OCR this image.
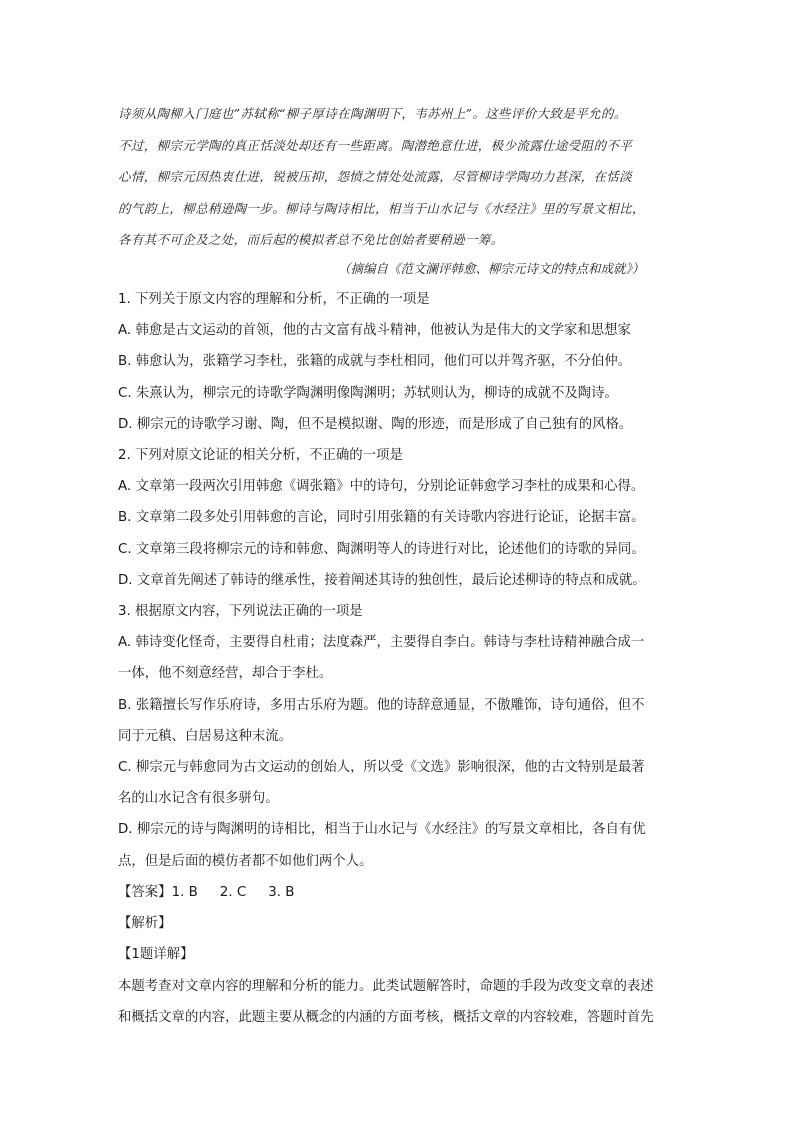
诗须从陶柳入门庭也”苏轼称“柳子厚诗在陶渊明下，韦苏州上”。这些评价大致是平允的。
不过，柳宗元学陶的真正恬淡处却还有一些距离。陶潜绝意仕进，极少流露仕途受阻的不平
心情，柳宗元因热衷仕进，锐被压抑，怨愤之情处处流露，尽管柳诗学陶功力甚深，在恬淡
的气韵上，柳总稍逊陶一步。柳诗与陶诗相比，相当于山水记与《水经注》里的写景文相比，
各有其不可企及之处，而后起的模拟者总不免比创始者要稍逊一筹。
（摘编自《范文澜评韩愈、柳宗元诗文的特点和成就》）
1. 下列关于原文内容的理解和分析，不正确的一项是
A. 韩愈是古文运动的首领，他的古文富有战斗精神，他被认为是伟大的文学家和思想家
B. 韩愈认为，张籍学习李杜，张籍的成就与李杜相同，他们可以并驾齐驱，不分伯仲。
C. 朱熹认为，柳宗元的诗歌学陶渊明像陶渊明；苏轼则认为，柳诗的成就不及陶诗。
D. 柳宗元的诗歌学习谢、陶，但不是模拟谢、陶的形迹，而是形成了自己独有的风格。
2. 下列对原文论证的相关分析，不正确的一项是
A. 文章第一段两次引用韩愈《调张籍》中的诗句，分别论证韩愈学习李杜的成果和心得。
B. 文章第二段多处引用韩愈的言论，同时引用张籍的有关诗歌内容进行论证，论据丰富。
C. 文章第三段将柳宗元的诗和韩愈、陶渊明等人的诗进行对比，论述他们的诗歌的异同。
D. 文章首先阐述了韩诗的继承性，接着阐述其诗的独创性，最后论述柳诗的特点和成就。
3. 根据原文内容，下列说法正确的一项是
A. 韩诗变化怪奇，主要得自杜甫；法度森严，主要得自李白。韩诗与李杜诗精神融合成一
一体，他不刻意经营，却合于李杜。
B. 张籍擅长写作乐府诗，多用古乐府为题。他的诗辞意通显，不傲雕饰，诗句通俗，但不
同于元稹、白居易这种末流。
C. 柳宗元与韩愈同为古文运动的创始人，所以受《文选》影响很深，他的古文特别是最著
名的山水记含有很多骈句。
D. 柳宗元的诗与陶渊明的诗相比，相当于山水记与《水经注》的写景文章相比，各自有优
点，但是后面的模仿者都不如他们两个人。
【答案】1. B 2. C 3. B
【解析】
【1题详解】
本题考查对文章内容的理解和分析的能力。此类试题解答时，命题的手段为改变文章的表述
和概括文章的内容，此题主要从概念的内涵的方面考核，概括文章的内容较难，答题时首先
